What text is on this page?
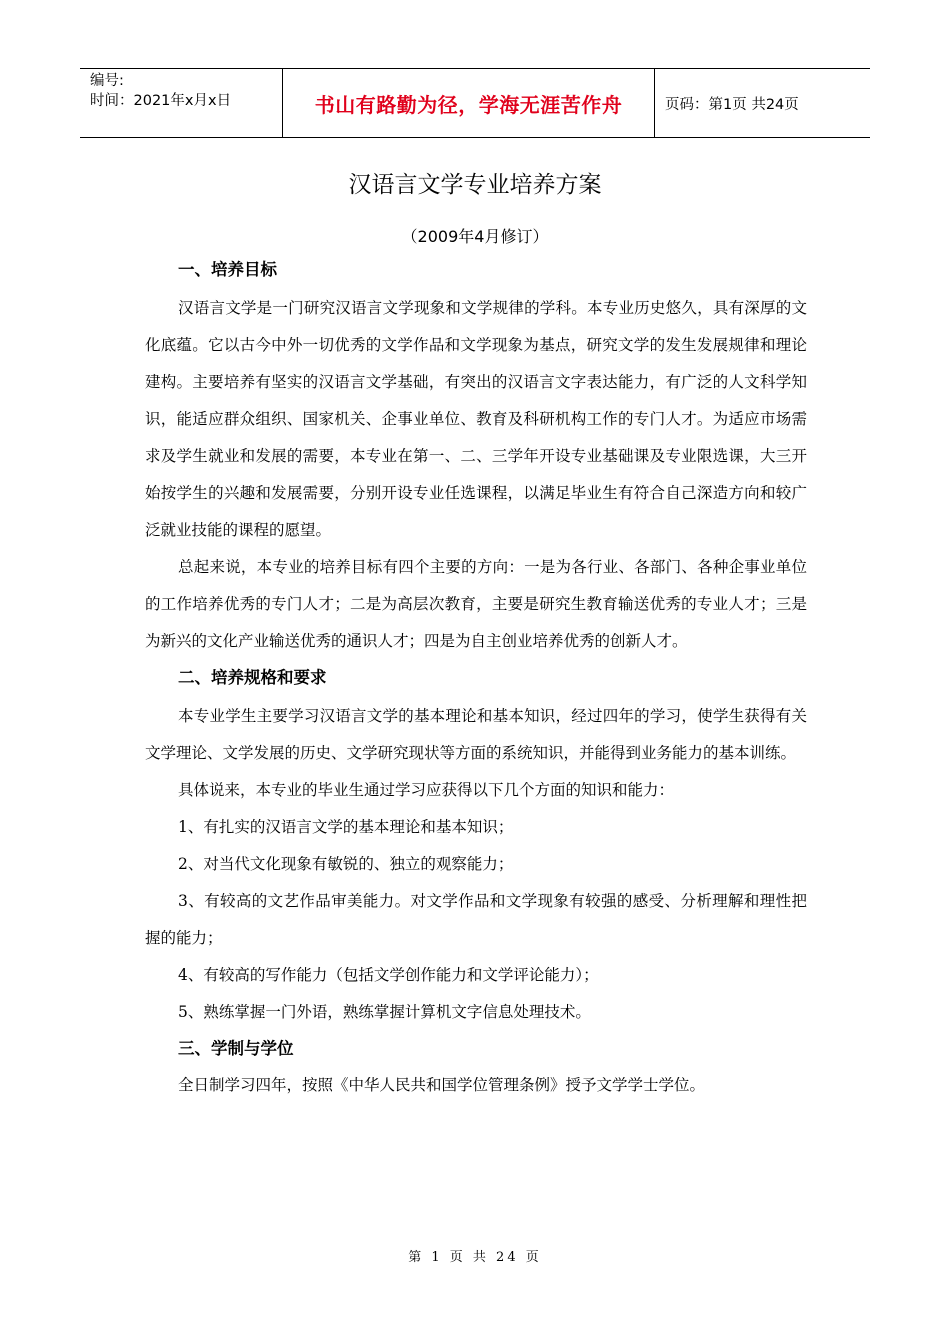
编号:
时间：2021年x月x日	书山有路勤为径，学海无涯苦作舟	页码：第1页 共24页
汉语言文学专业培养方案
（2009年4月修订）
一、培养目标

汉语言文学是一门研究汉语言文学现象和文学规律的学科。本专业历史悠久，具有深厚的文化底蕴。它以古今中外一切优秀的文学作品和文学现象为基点，研究文学的发生发展规律和理论建构。主要培养有坚实的汉语言文学基础，有突出的汉语言文字表达能力，有广泛的人文科学知识，能适应群众组织、国家机关、企事业单位、教育及科研机构工作的专门人才。为适应市场需求及学生就业和发展的需要，本专业在第一、二、三学年开设专业基础课及专业限选课，大三开始按学生的兴趣和发展需要，分别开设专业任选课程，以满足毕业生有符合自己深造方向和较广泛就业技能的课程的愿望。

总起来说，本专业的培养目标有四个主要的方向：一是为各行业、各部门、各种企事业单位的工作培养优秀的专门人才；二是为高层次教育，主要是研究生教育输送优秀的专业人才；三是为新兴的文化产业输送优秀的通识人才；四是为自主创业培养优秀的创新人才。

二、培养规格和要求

本专业学生主要学习汉语言文学的基本理论和基本知识，经过四年的学习，使学生获得有关文学理论、文学发展的历史、文学研究现状等方面的系统知识，并能得到业务能力的基本训练。

具体说来，本专业的毕业生通过学习应获得以下几个方面的知识和能力：

1、有扎实的汉语言文学的基本理论和基本知识；

2、对当代文化现象有敏锐的、独立的观察能力；

3、有较高的文艺作品审美能力。对文学作品和文学现象有较强的感受、分析理解和理性把握的能力；

4、有较高的写作能力（包括文学创作能力和文学评论能力）；

5、熟练掌握一门外语，熟练掌握计算机文字信息处理技术。

三、学制与学位

全日制学习四年，按照《中华人民共和国学位管理条例》授予文学学士学位。

第 1 页 共 24 页
